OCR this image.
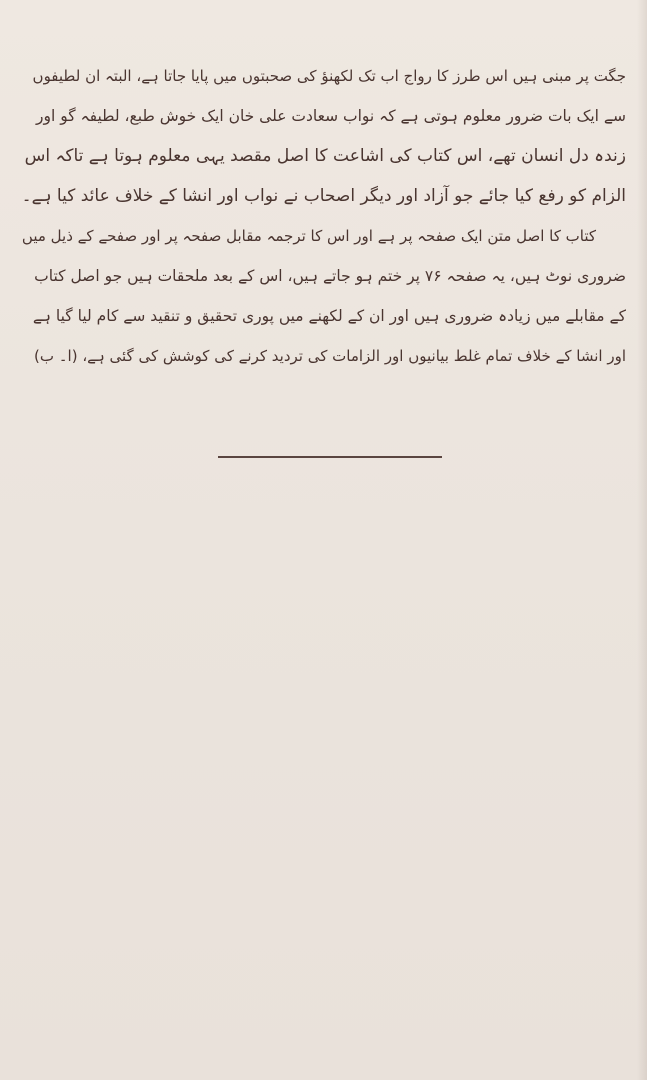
جگت پر مبنی ہیں اس طرز کا رواج اب تک لکھنؤ کی صحبتوں میں پایا جاتا ہے، البتہ ان لطیفوں
سے ایک بات ضرور معلوم ہوتی ہے کہ نواب سعادت علی خان ایک خوش طبع، لطیفہ گو اور
زندہ دل انسان تھے، اس کتاب کی اشاعت کا اصل مقصد یہی معلوم ہوتا ہے تاکہ اس
الزام کو رفع کیا جائے جو آزاد اور دیگر اصحاب نے نواب اور انشا کے خلاف عائد کیا ہے۔
کتاب کا اصل متن ایک صفحہ پر ہے اور اس کا ترجمہ مقابل صفحہ پر اور صفحے کے ذیل میں
ضروری نوٹ ہیں، یہ صفحہ ۷۶ پر ختم ہو جاتے ہیں، اس کے بعد ملحقات ہیں جو اصل کتاب
کے مقابلے میں زیادہ ضروری ہیں اور ان کے لکھنے میں پوری تحقیق و تنقید سے کام لیا گیا ہے
اور انشا کے خلاف تمام غلط بیانیوں اور الزامات کی تردید کرنے کی کوشش کی گئی ہے، (ا۔ ب)
